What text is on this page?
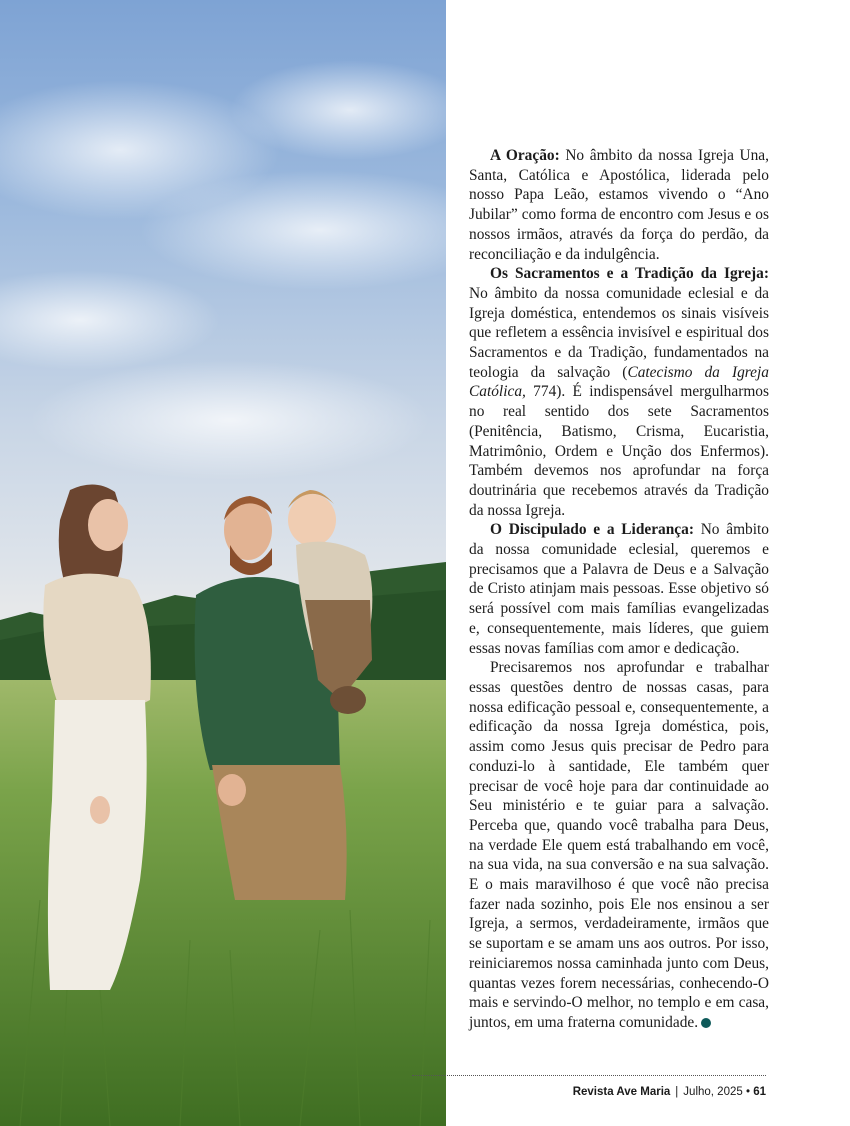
A Oração: No âmbito da nossa Igreja Una, Santa, Católica e Apostólica, liderada pelo nosso Papa Leão, estamos vivendo o “Ano Jubilar” como forma de encontro com Jesus e os nossos irmãos, através da força do perdão, da reconciliação e da indulgência.

Os Sacramentos e a Tradição da Igreja: No âmbito da nossa comunidade eclesial e da Igreja doméstica, entendemos os sinais visíveis que refletem a essência invisível e espiritual dos Sacramentos e da Tradição, fundamentados na teologia da salvação (Catecismo da Igreja Católica, 774). É indispensável mergulharmos no real sentido dos sete Sacramentos (Penitência, Batismo, Crisma, Eucaristia, Matrimônio, Ordem e Unção dos Enfermos). Também devemos nos aprofundar na força doutrinária que recebemos através da Tradição da nossa Igreja.

O Discipulado e a Liderança: No âmbito da nossa comunidade eclesial, queremos e precisamos que a Palavra de Deus e a Salvação de Cristo atinjam mais pessoas. Esse objetivo só será possível com mais famílias evangelizadas e, consequentemente, mais líderes, que guiem essas novas famílias com amor e dedicação.

Precisaremos nos aprofundar e trabalhar essas questões dentro de nossas casas, para nossa edificação pessoal e, consequentemente, a edificação da nossa Igreja doméstica, pois, assim como Jesus quis precisar de Pedro para conduzi-lo à santidade, Ele também quer precisar de você hoje para dar continuidade ao Seu ministério e te guiar para a salvação. Perceba que, quando você trabalha para Deus, na verdade Ele quem está trabalhando em você, na sua vida, na sua conversão e na sua salvação. E o mais maravilhoso é que você não precisa fazer nada sozinho, pois Ele nos ensinou a ser Igreja, a sermos, verdadeiramente, irmãos que se suportam e se amam uns aos outros. Por isso, reiniciaremos nossa caminhada junto com Deus, quantas vezes forem necessárias, conhecendo-O mais e servindo-O melhor, no templo e em casa, juntos, em uma fraterna comunidade.

Revista Ave Maria | Julho, 2025 • 61
